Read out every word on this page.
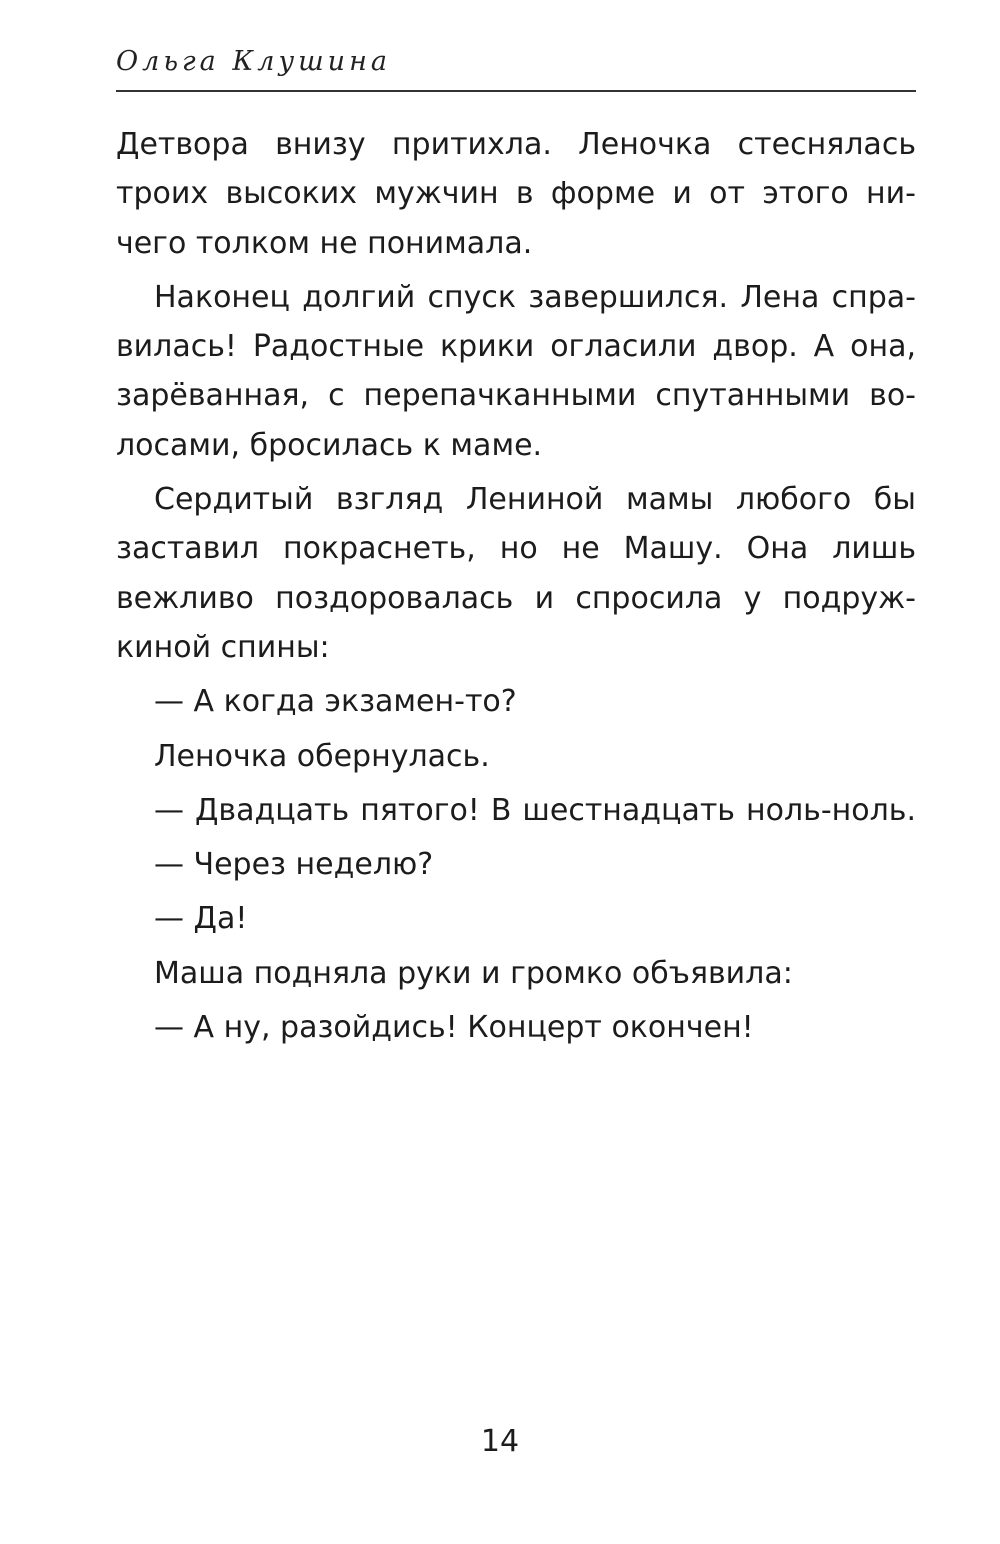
Ольга Клушина
Детвора внизу притихла. Леночка стеснялась
троих высоких мужчин в форме и от этого ни-
чего толком не понимала.
Наконец долгий спуск завершился. Лена спра-
вилась! Радостные крики огласили двор. А она,
зарёванная, с перепачканными спутанными во-
лосами, бросилась к маме.
Сердитый взгляд Лениной мамы любого бы
заставил покраснеть, но не Машу. Она лишь
вежливо поздоровалась и спросила у подруж-
киной спины:
— А когда экзамен-то?
Леночка обернулась.
— Двадцать пятого! В шестнадцать ноль-ноль.
— Через неделю?
— Да!
Маша подняла руки и громко объявила:
— А ну, разойдись! Концерт окончен!
14
